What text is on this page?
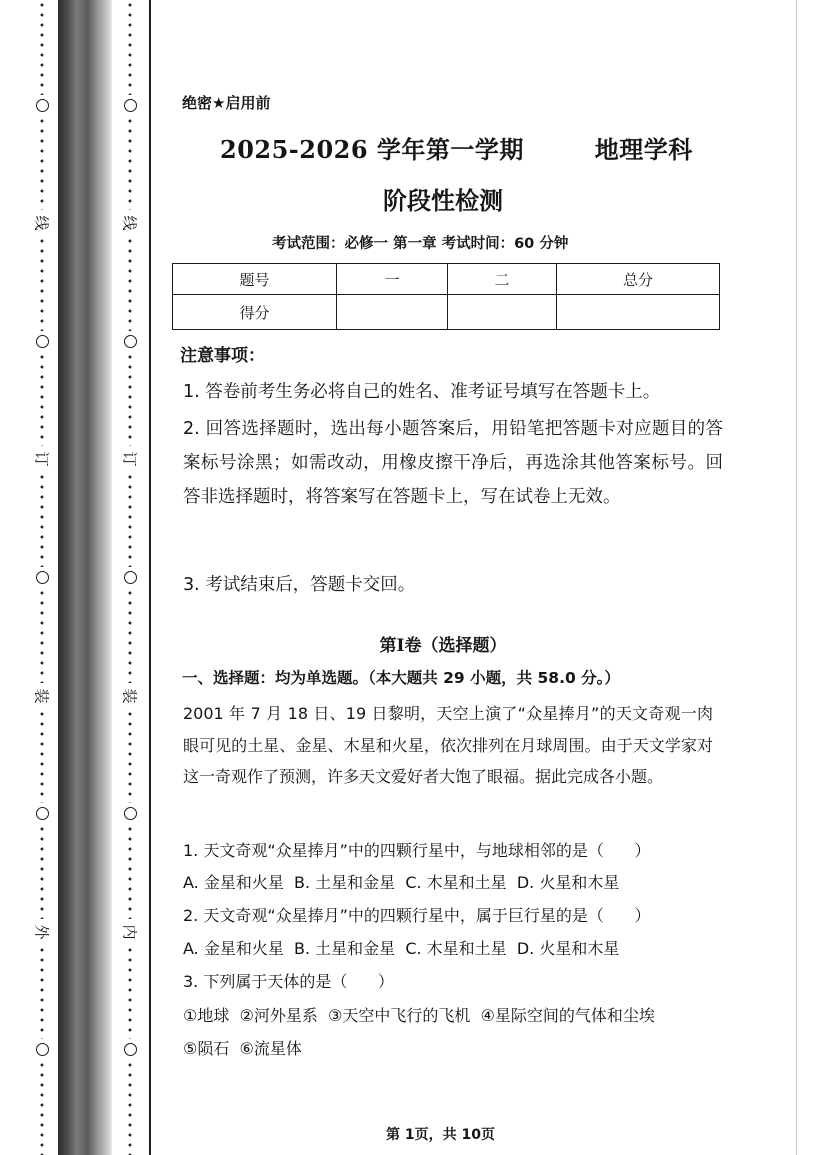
线
订
装
外
线
订
装
内
绝密★启用前
2025-2026 学年第一学期        地理学科
阶段性检测
考试范围：必修一 第一章 考试时间：60 分钟
题号	一	二	总分
得分			
注意事项：
1. 答卷前考生务必将自己的姓名、准考证号填写在答题卡上。
2. 回答选择题时，选出每小题答案后，用铅笔把答题卡对应题目的答案标号涂黑；如需改动，用橡皮擦干净后，再选涂其他答案标号。回答非选择题时，将答案写在答题卡上，写在试卷上无效。
3. 考试结束后，答题卡交回。
第Ⅰ卷（选择题）
一、选择题：均为单选题。（本大题共 29 小题，共 58.0 分。）
2001 年 7 月 18 日、19 日黎明，天空上演了“众星捧月”的天文奇观一肉眼可见的土星、金星、木星和火星，依次排列在月球周围。由于天文学家对这一奇观作了预测，许多天文爱好者大饱了眼福。据此完成各小题。
1. 天文奇观“众星捧月”中的四颗行星中，与地球相邻的是（      ）
A. 金星和火星  B. 土星和金星  C. 木星和土星  D. 火星和木星
2. 天文奇观“众星捧月”中的四颗行星中，属于巨行星的是（      ）
A. 金星和火星  B. 土星和金星  C. 木星和土星  D. 火星和木星
3. 下列属于天体的是（      ）
①地球  ②河外星系  ③天空中飞行的飞机  ④星际空间的气体和尘埃
⑤陨石  ⑥流星体
第 1页，共 10页
